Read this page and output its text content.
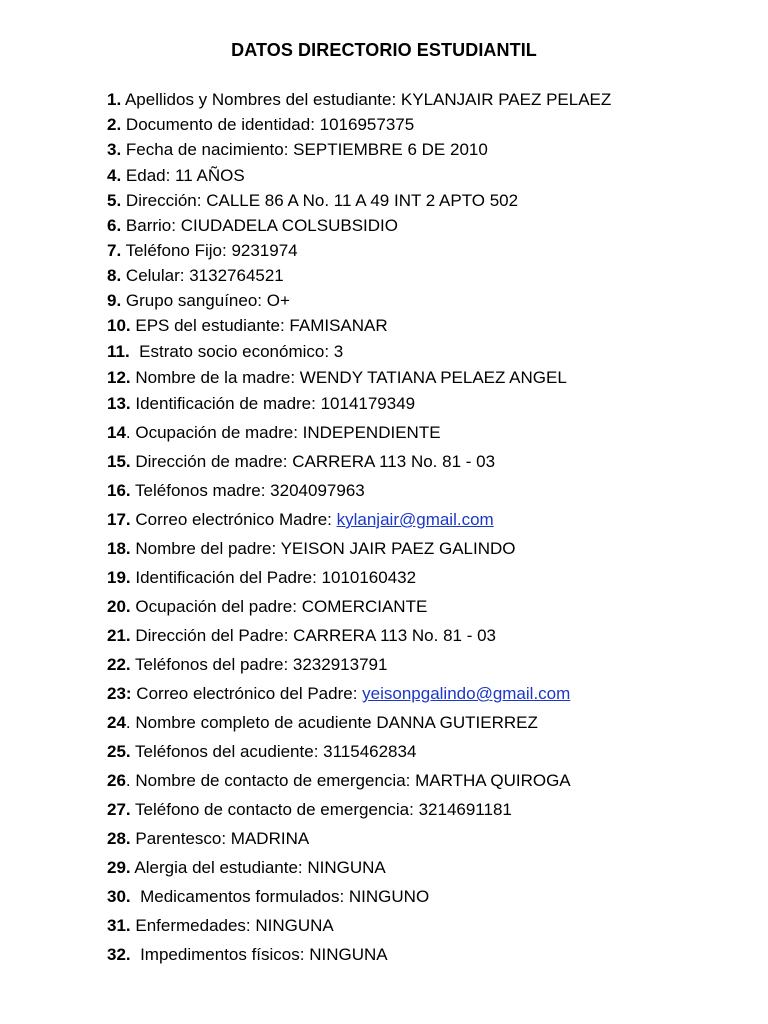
DATOS DIRECTORIO ESTUDIANTIL
1. Apellidos y Nombres del estudiante: KYLANJAIR PAEZ PELAEZ
2. Documento de identidad: 1016957375
3. Fecha de nacimiento: SEPTIEMBRE 6 DE 2010
4. Edad: 11 AÑOS
5. Dirección: CALLE 86 A No. 11 A 49 INT 2 APTO 502
6. Barrio: CIUDADELA COLSUBSIDIO
7. Teléfono Fijo: 9231974
8. Celular: 3132764521
9. Grupo sanguíneo: O+
10. EPS del estudiante: FAMISANAR
11.  Estrato socio económico: 3
12. Nombre de la madre: WENDY TATIANA PELAEZ ANGEL
13. Identificación de madre: 1014179349
14. Ocupación de madre: INDEPENDIENTE
15. Dirección de madre: CARRERA 113 No. 81 - 03
16. Teléfonos madre: 3204097963
17. Correo electrónico Madre: kylanjair@gmail.com
18. Nombre del padre: YEISON JAIR PAEZ GALINDO
19. Identificación del Padre: 1010160432
20. Ocupación del padre: COMERCIANTE
21. Dirección del Padre: CARRERA 113 No. 81 - 03
22. Teléfonos del padre: 3232913791
23: Correo electrónico del Padre: yeisonpgalindo@gmail.com
24. Nombre completo de acudiente DANNA GUTIERREZ
25. Teléfonos del acudiente: 3115462834
26. Nombre de contacto de emergencia: MARTHA QUIROGA
27. Teléfono de contacto de emergencia: 3214691181
28. Parentesco: MADRINA
29. Alergia del estudiante: NINGUNA
30.  Medicamentos formulados: NINGUNO
31. Enfermedades: NINGUNA
32.  Impedimentos físicos: NINGUNA
